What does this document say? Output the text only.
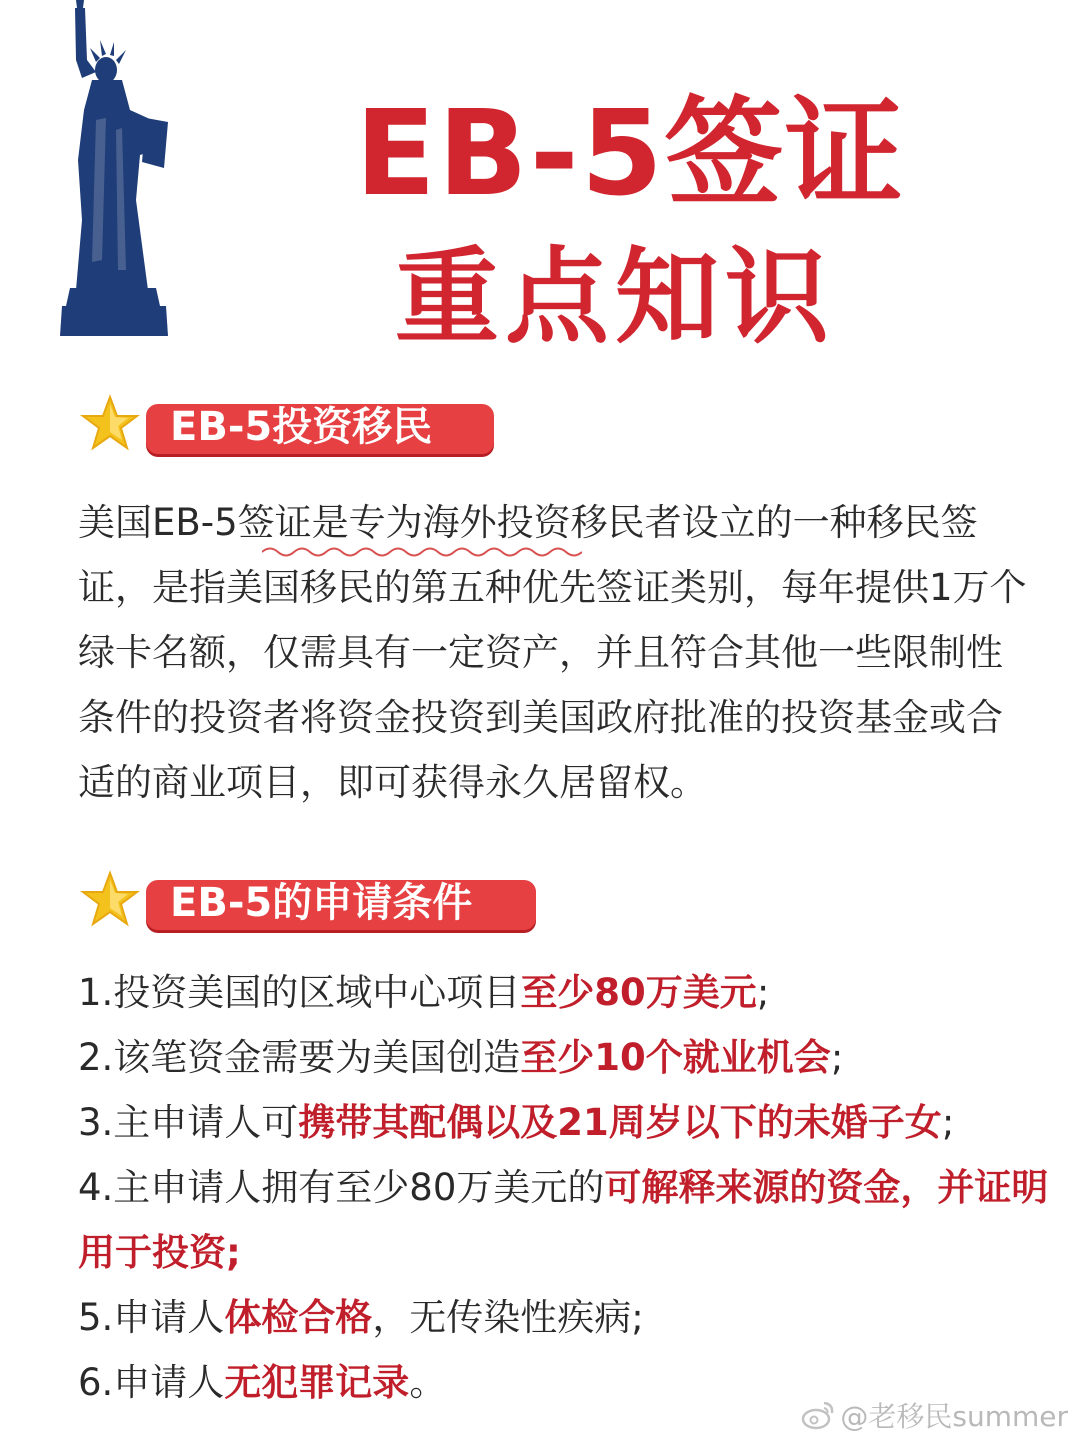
EB-5签证
重点知识
EB-5投资移民

美国EB-5签证是专为海外投资移民者设立的一种移民签证，是指美国移民的第五种优先签证类别，每年提供1万个绿卡名额，仅需具有一定资产，并且符合其他一些限制性条件的投资者将资金投资到美国政府批准的投资基金或合适的商业项目，即可获得永久居留权。

EB-5的申请条件
1.投资美国的区域中心项目至少80万美元;
2.该笔资金需要为美国创造至少10个就业机会;
3.主申请人可携带其配偶以及21周岁以下的未婚子女;
4.主申请人拥有至少80万美元的可解释来源的资金，并证明用于投资;
5.申请人体检合格，无传染性疾病;
6.申请人无犯罪记录。
@老移民summer
